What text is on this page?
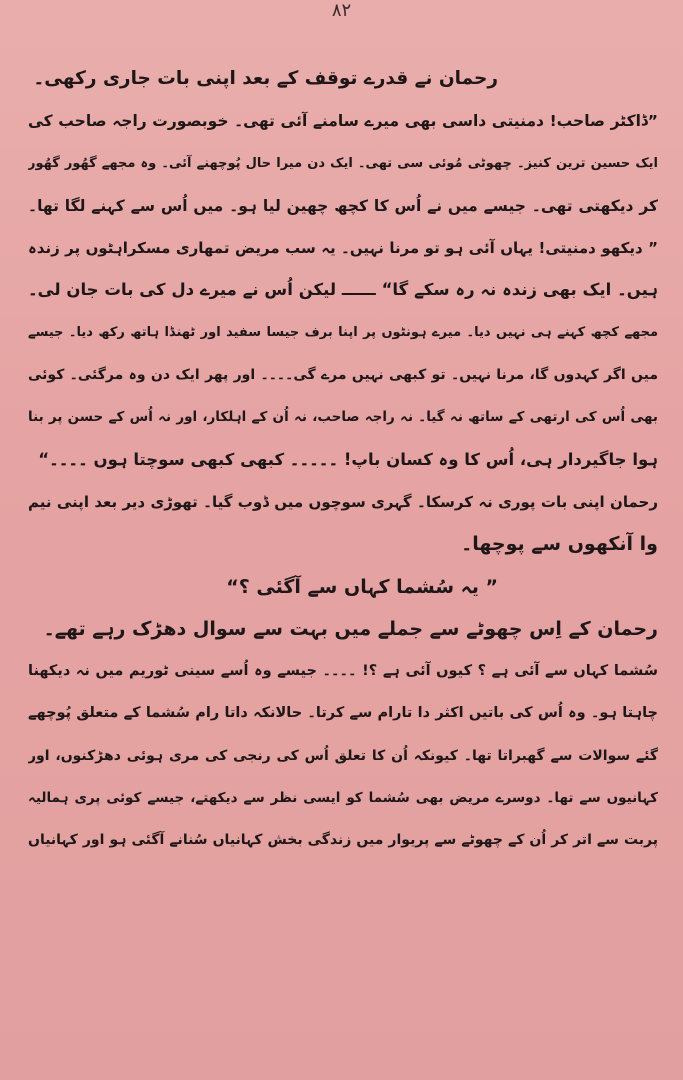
۸۲
رحمان نے قدرے توقف کے بعد اپنی بات جاری رکھی۔
”ڈاکٹر صاحب! دمنیتی داسی بھی میرے سامنے آئی تھی۔ خوبصورت راجہ صاحب کی
ایک حسین ترین کنیز۔ چھوٹی مُوئی سی تھی۔ ایک دن میرا حال پُوچھنے آئی۔ وہ مجھے گھُور گھُور
کر دیکھتی تھی۔ جیسے میں نے اُس کا کچھ چھین لیا ہو۔ میں اُس سے کہنے لگا تھا۔
” دیکھو دمنیتی! یہاں آئی ہو تو مرنا نہیں۔ یہ سب مریض تمھاری مسکراہٹوں پر زندہ
ہیں۔ ایک بھی زندہ نہ رہ سکے گا“ ــــــ لیکن اُس نے میرے دل کی بات جان لی۔
مجھے کچھ کہنے ہی نہیں دیا۔ میرے ہونٹوں پر اپنا برف جیسا سفید اور ٹھنڈا ہاتھ رکھ دیا۔ جیسے
میں اگر کہدوں گا، مرنا نہیں۔ تو کبھی نہیں مرے گی۔۔۔۔ اور پھر ایک دن وہ مرگئی۔ کوئی
بھی اُس کی ارتھی کے ساتھ نہ گیا۔ نہ راجہ صاحب، نہ اُن کے اہلکار، اور نہ اُس کے حسن پر بنا
ہوا جاگیردار ہی، اُس کا وہ کسان باپ! ۔۔۔۔۔ کبھی کبھی سوچتا ہوں ۔۔۔۔“
رحمان اپنی بات پوری نہ کرسکا۔ گہری سوچوں میں ڈوب گیا۔ تھوڑی دیر بعد اپنی نیم
وا آنکھوں سے پوچھا۔
” یہ سُشما کہاں سے آگئی ؟“
رحمان کے اِس چھوٹے سے جملے میں بہت سے سوال دھڑک رہے تھے۔
سُشما کہاں سے آئی ہے ؟ کیوں آئی ہے ؟! ۔۔۔۔ جیسے وہ اُسے سینی ٹوریم میں نہ دیکھنا
چاہتا ہو۔ وہ اُس کی باتیں اکثر دا تارام سے کرتا۔ حالانکہ داتا رام سُشما کے متعلق پُوچھے
گئے سوالات سے گھبراتا تھا۔ کیونکہ اُن کا تعلق اُس کی رنجی کی مری ہوئی دھڑکنوں، اور
کہانیوں سے تھا۔ دوسرے مریض بھی سُشما کو ایسی نظر سے دیکھتے، جیسے کوئی پری ہمالیہ
پربت سے اتر کر اُن کے چھوٹے سے پریوار میں زندگی بخش کہانیاں سُنانے آگئی ہو اور کہانیاں
